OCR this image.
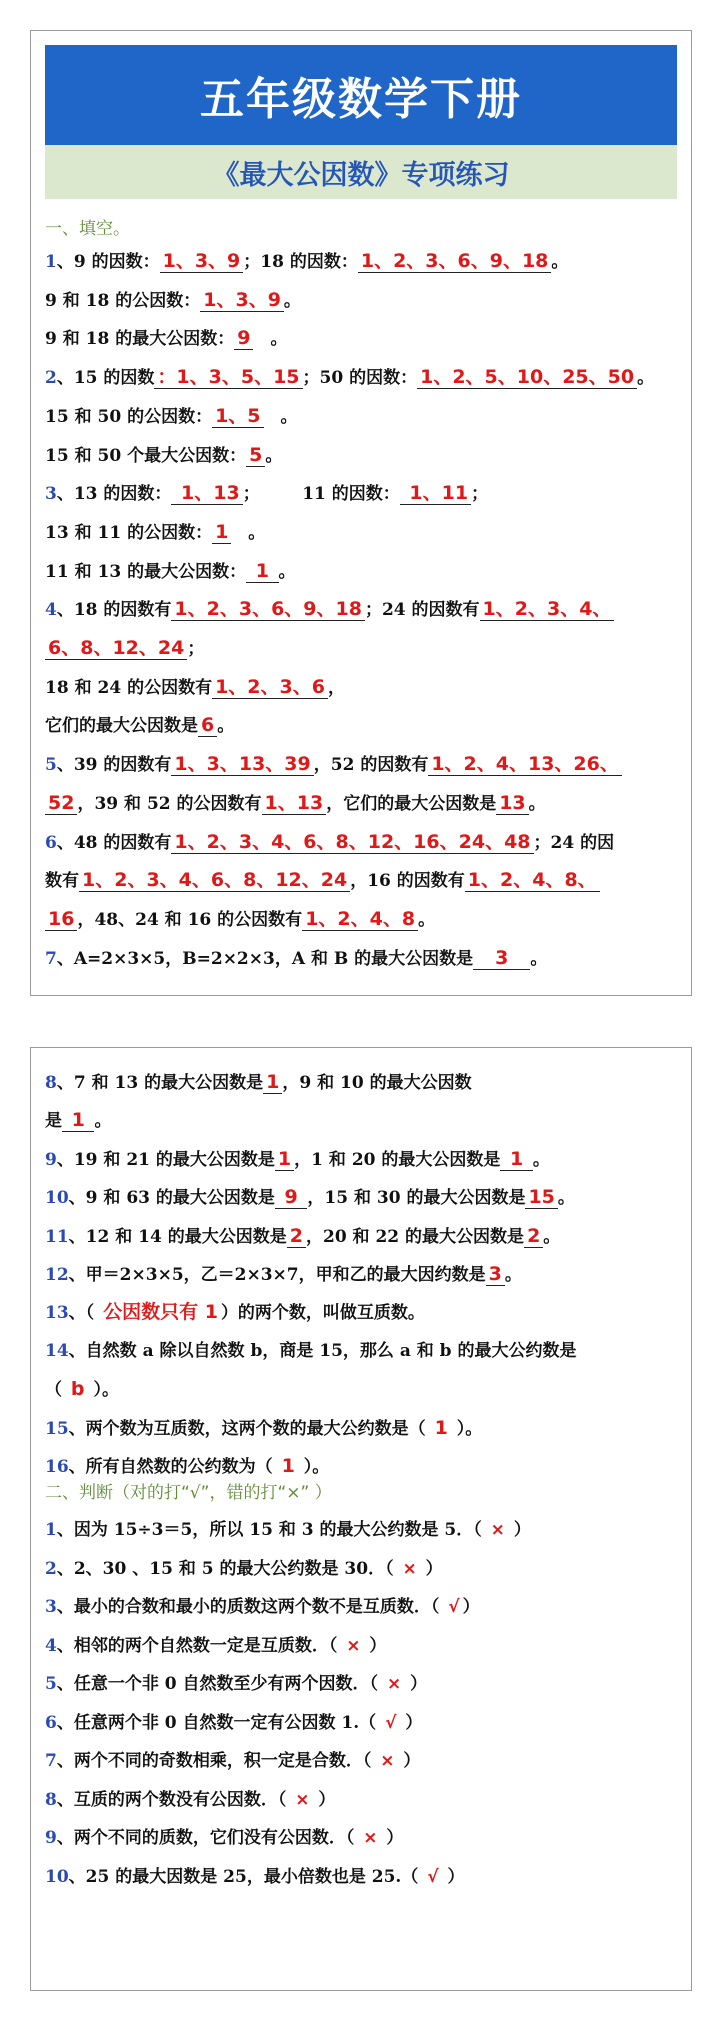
五年级数学下册
《最大公因数》专项练习
一、填空。
1、9 的因数： 1、3、9 ；18 的因数： 1、2、3、6、9、18 。
9 和 18 的公因数： 1、3、9 。
9 和 18 的最大公因数： 9　。
2、15 的因数 ：1、3、5、15 ；50 的因数： 1、2、5、10、25、50 。
15 和 50 的公因数： 1、5　。
15 和 50 个最大公因数： 5 。
3、13 的因数： 1、13 ；　　　11 的因数： 1、11 ；
13 和 11 的公因数： 1　。
11 和 13 的最大公因数： 1 。
4、18 的因数有 1、2、3、6、9、18 ；24 的因数有 1、2、3、4、
6、8、12、24 ；
18 和 24 的公因数有 1、2、3、6 ，
它们的最大公因数是 6 。
5、39 的因数有 1、3、13、39 ，52 的因数有 1、2、4、13、26、
52 ，39 和 52 的公因数有 1、13 ，它们的最大公因数是 13 。
6、48 的因数有 1、2、3、4、6、8、12、16、24、48 ；24 的因
数有 1、2、3、4、6、8、12、24 ，16 的因数有 1、2、4、8、
16 ，48、24 和 16 的公因数有 1、2、4、8 。
7、A=2×3×5，B=2×2×3，A 和 B 的最大公因数是　3　。
8、7 和 13 的最大公因数是 1 ，9 和 10 的最大公因数
是 1 。
9、19 和 21 的最大公因数是 1 ，1 和 20 的最大公因数是 1 。
10、9 和 63 的最大公因数是 9 ，15 和 30 的最大公因数是 15 。
11、12 和 14 的最大公因数是 2 ，20 和 22 的最大公因数是 2 。
12、甲＝2×3×5，乙＝2×3×7，甲和乙的最大因约数是 3 。
13、（ 公因数只有 1 ）的两个数，叫做互质数。
14、自然数 a 除以自然数 b，商是 15，那么 a 和 b 的最大公约数是
（ b ）。
15、两个数为互质数，这两个数的最大公约数是（ 1 ）。
16、所有自然数的公约数为（ 1 ）。
二、判断（对的打“√”，错的打“×” ）
1、因为 15÷3＝5，所以 15 和 3 的最大公约数是 5．（ × ）
2、2、30 、15 和 5 的最大公约数是 30．（ × ）
3、最小的合数和最小的质数这两个数不是互质数．（ √ ）
4、相邻的两个自然数一定是互质数．（ × ）
5、任意一个非 0 自然数至少有两个因数．（ × ）
6、任意两个非 0 自然数一定有公因数 1.（ √ ）
7、两个不同的奇数相乘，积一定是合数．（ × ）
8、互质的两个数没有公因数．（ × ）
9、两个不同的质数，它们没有公因数．（ × ）
10、25 的最大因数是 25，最小倍数也是 25.（ √ ）
